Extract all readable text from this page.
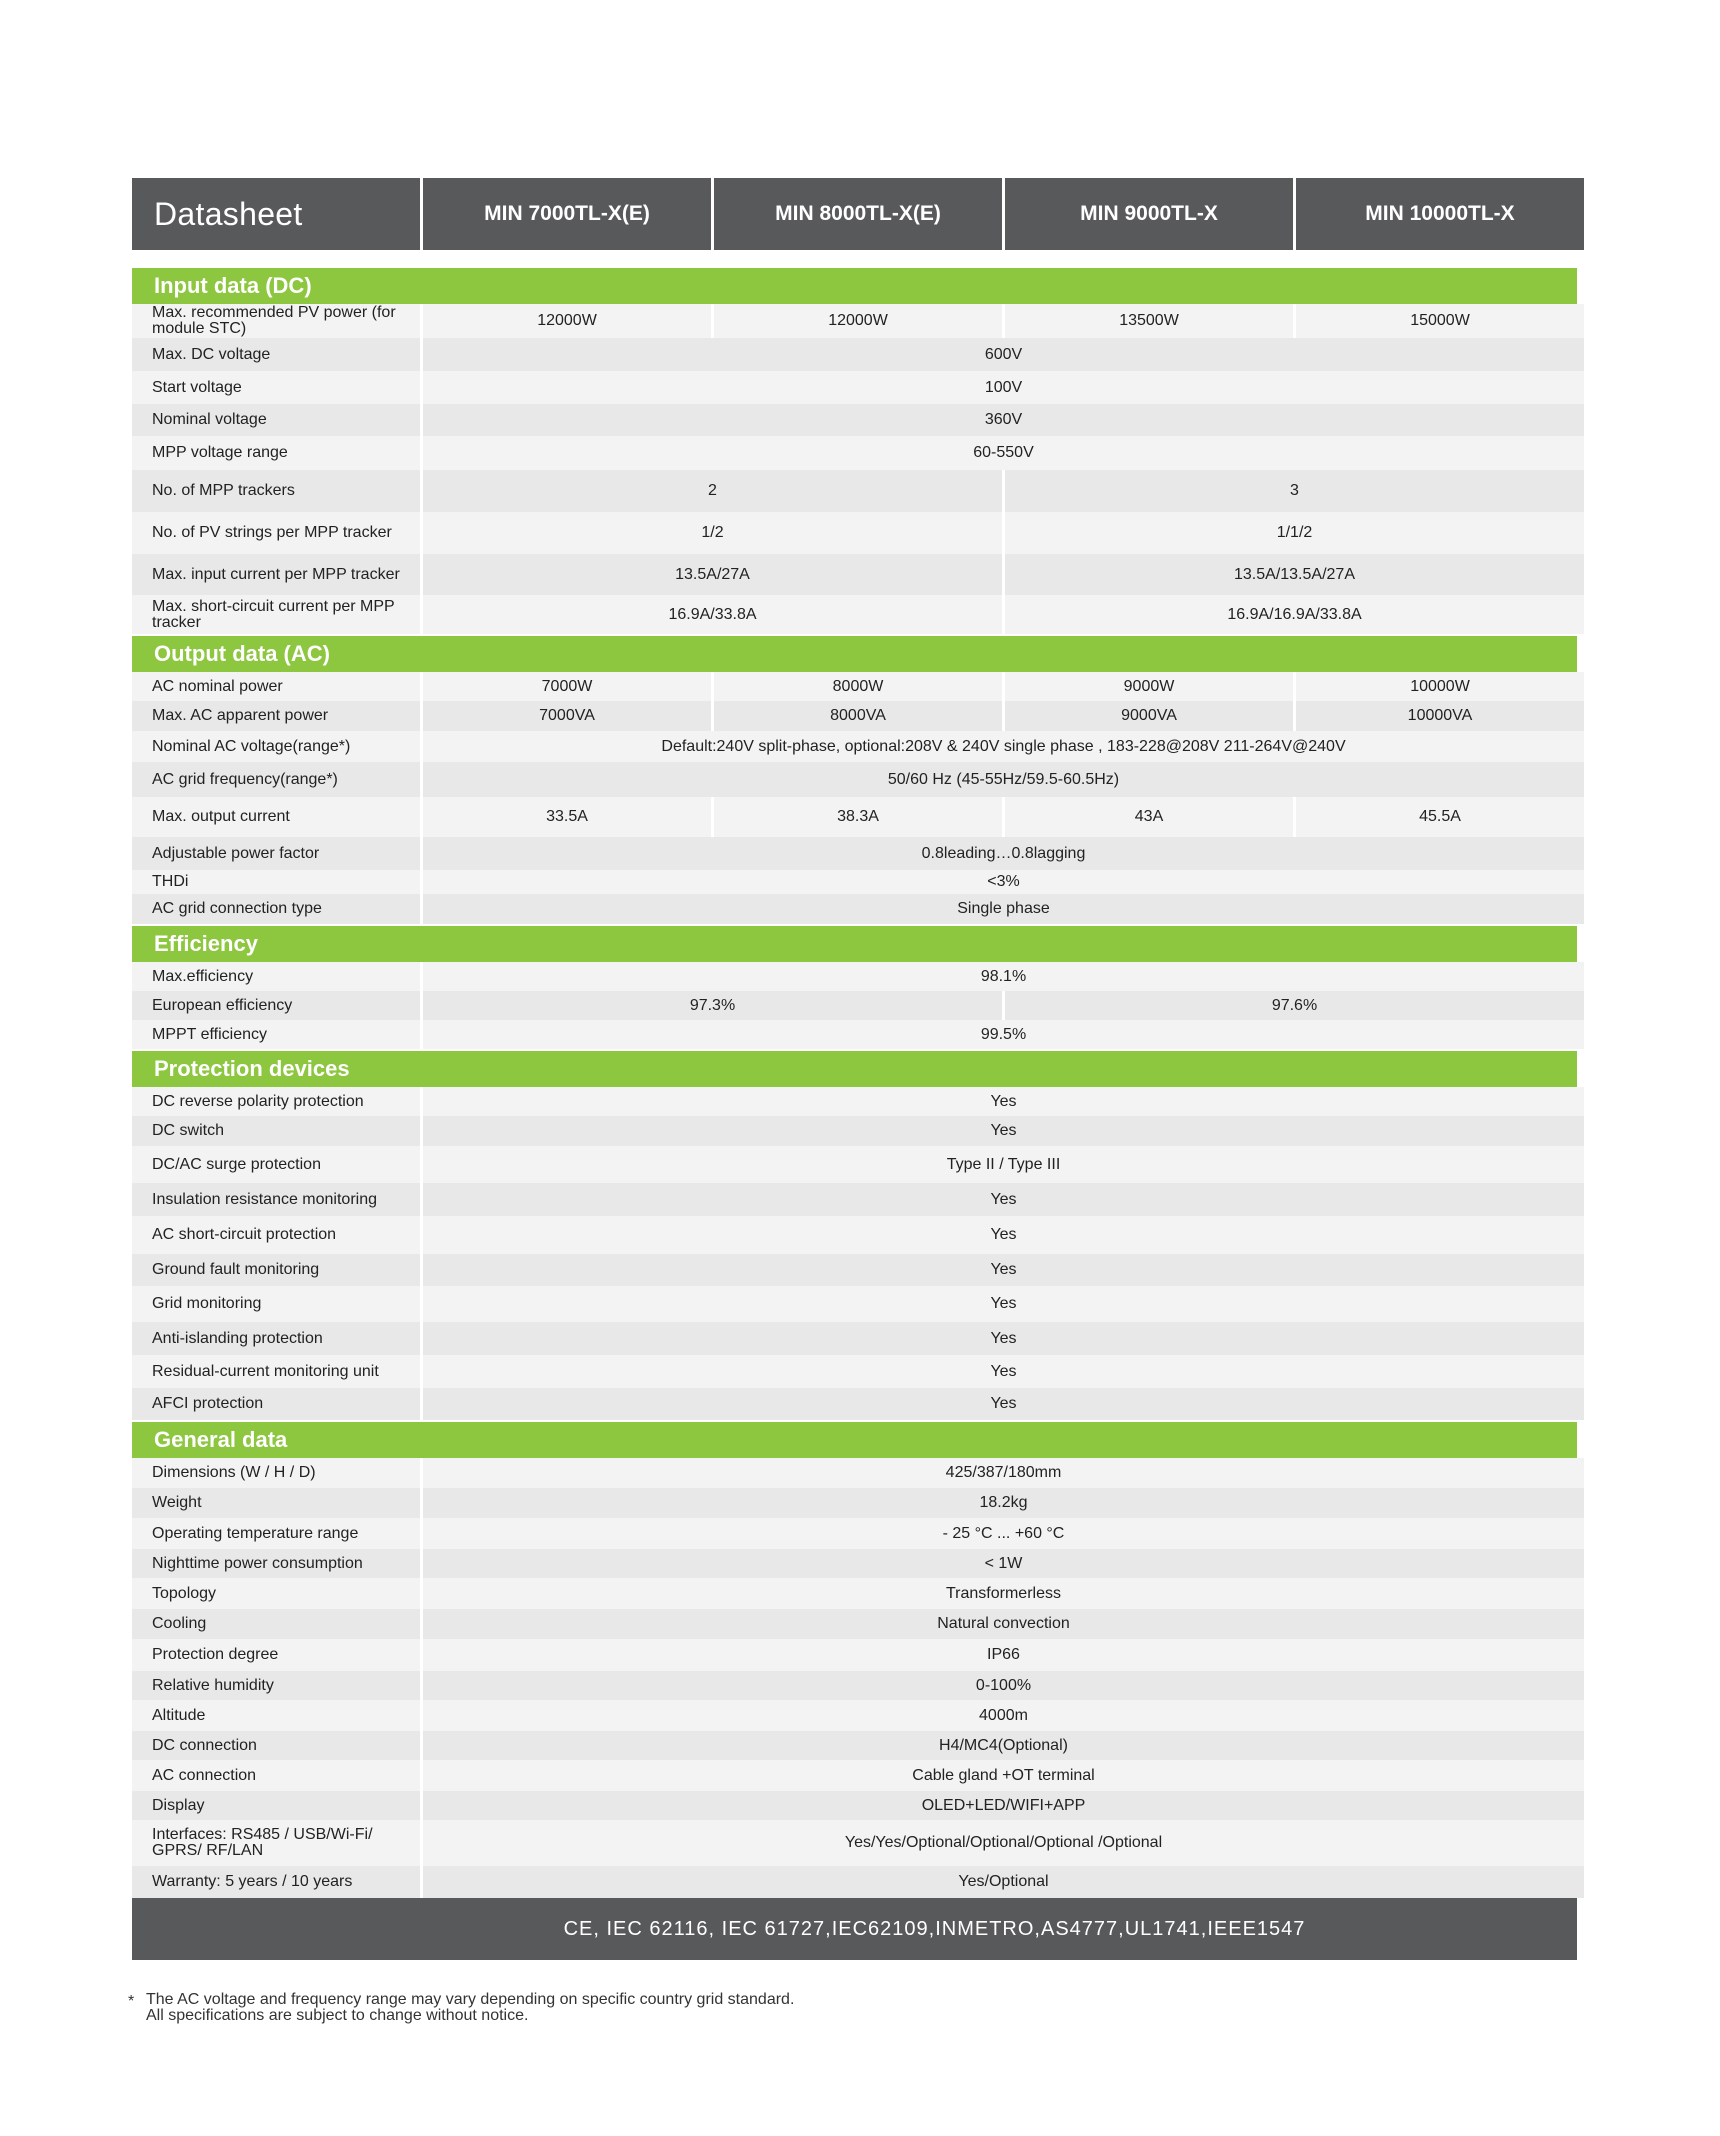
Datasheet	MIN 7000TL-X(E)	MIN 8000TL-X(E)	MIN 9000TL-X	MIN 10000TL-X
Input data (DC)
Max. recommended PV power (for module STC)	12000W	12000W	13500W	15000W
Max. DC voltage	600V
Start voltage	100V
Nominal voltage	360V
MPP voltage range	60-550V
No. of MPP trackers	2	3
No. of PV strings per MPP tracker	1/2	1/1/2
Max. input current per MPP tracker	13.5A/27A	13.5A/13.5A/27A
Max. short-circuit current per MPP tracker	16.9A/33.8A	16.9A/16.9A/33.8A
Output data (AC)
AC nominal power	7000W	8000W	9000W	10000W
Max. AC apparent power	7000VA	8000VA	9000VA	10000VA
Nominal AC voltage(range*)	Default:240V split-phase, optional:208V & 240V single phase , 183-228@208V 211-264V@240V
AC grid frequency(range*)	50/60 Hz (45-55Hz/59.5-60.5Hz)
Max. output current	33.5A	38.3A	43A	45.5A
Adjustable power factor	0.8leading…0.8lagging
THDi	<3%
AC grid connection type	Single phase
Efficiency
Max.efficiency	98.1%
European efficiency	97.3%	97.6%
MPPT efficiency	99.5%
Protection devices
DC reverse polarity protection	Yes
DC switch	Yes
DC/AC surge protection	Type II / Type III
Insulation resistance monitoring	Yes
AC short-circuit protection	Yes
Ground fault monitoring	Yes
Grid monitoring	Yes
Anti-islanding protection	Yes
Residual-current monitoring unit	Yes
AFCI protection	Yes
General data
Dimensions (W / H / D)	425/387/180mm
Weight	18.2kg
Operating temperature range	- 25 °C ... +60 °C
Nighttime power consumption	< 1W
Topology	Transformerless
Cooling	Natural convection
Protection degree	IP66
Relative humidity	0-100%
Altitude	4000m
DC connection	H4/MC4(Optional)
AC connection	Cable gland +OT terminal
Display	OLED+LED/WIFI+APP
Interfaces: RS485 / USB/Wi-Fi/ GPRS/ RF/LAN	Yes/Yes/Optional/Optional/Optional /Optional
Warranty: 5 years / 10 years	Yes/Optional
CE, IEC 62116, IEC 61727,IEC62109,INMETRO,AS4777,UL1741,IEEE1547
* The AC voltage and frequency range may vary depending on specific country grid standard.
All specifications are subject to change without notice.
